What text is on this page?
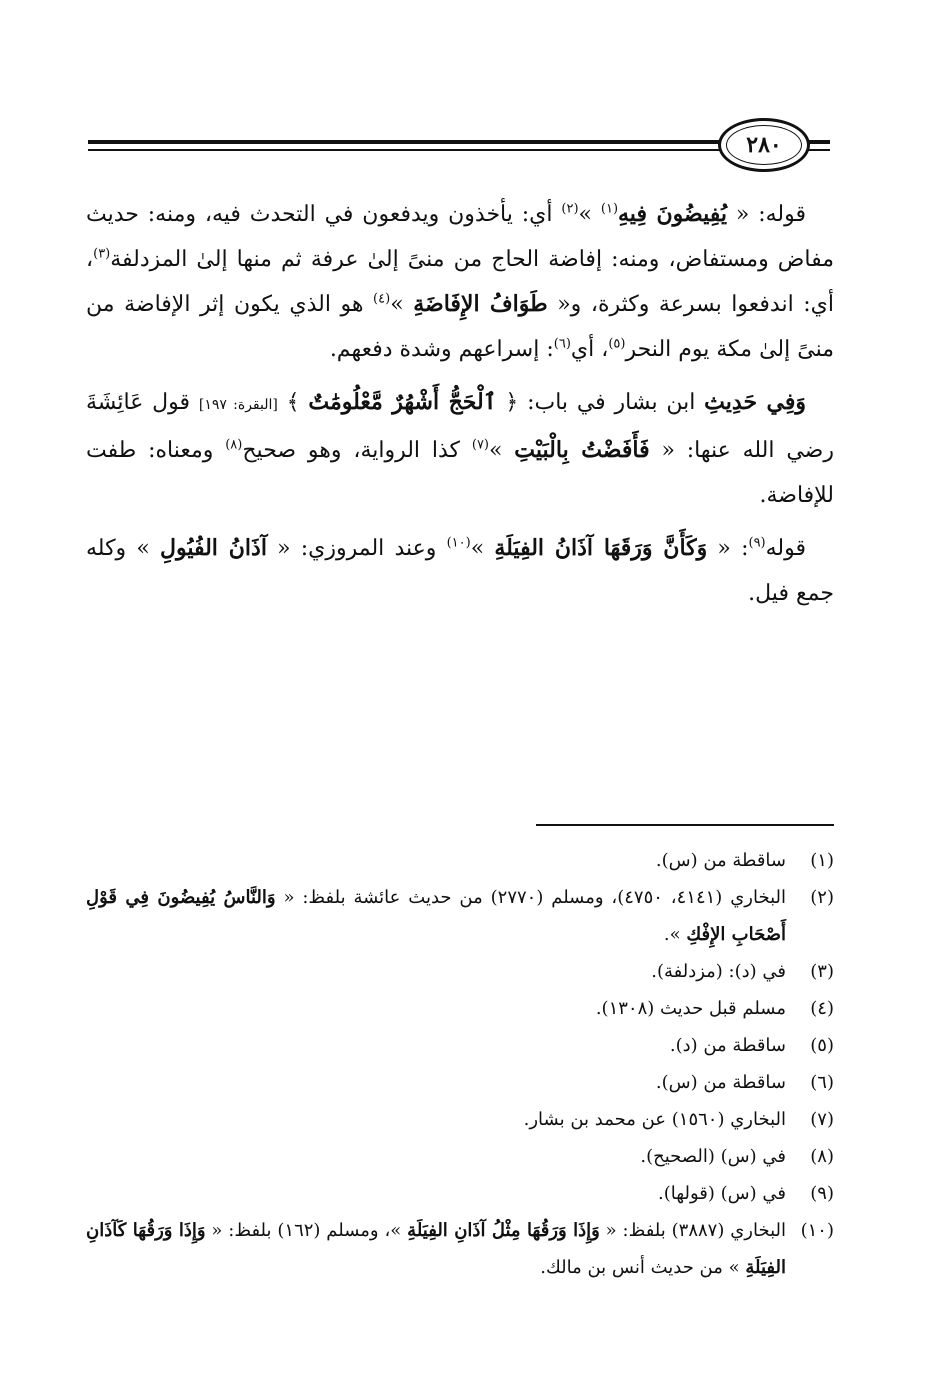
٢٨٠

قوله: « يُفِيضُونَ فِيهِ$^{(١)}$ »$^{(٢)}$ أي: يأخذون ويدفعون في التحدث فيه، ومنه: حديث مفاض ومستفاض، ومنه: إفاضة الحاج من منىً إلىٰ عرفة ثم منها إلىٰ المزدلفة$^{(٣)}$، أي: اندفعوا بسرعة وكثرة، و« طَوَافُ الإِفَاضَةِ »$^{(٤)}$ هو الذي يكون إثر الإفاضة من منىً إلىٰ مكة يوم النحر$^{(٥)}$، أي$^{(٦)}$: إسراعهم وشدة دفعهم.

وَفِي حَدِيثِ ابن بشار في باب: ﴿ ٱلْحَجُّ أَشْهُرٌ مَّعْلُومَٰتٌ ﴾ [البقرة: ١٩٧] قول عَائِشَةَ رضي الله عنها: « فَأَفَضْتُ بِالْبَيْتِ »$^{(٧)}$ كذا الرواية، وهو صحيح$^{(٨)}$ ومعناه: طفت للإفاضة.

قوله$^{(٩)}$: « وَكَأَنَّ وَرَقَهَا آذَانُ الفِيَلَةِ »$^{(١٠)}$ وعند المروزي: « آذَانُ الفُيُولِ » وكله جمع فيل.

(١)
ساقطة من (س).
(٢)
البخاري (٤١٤١، ٤٧٥٠)، ومسلم (٢٧٧٠) من حديث عائشة بلفظ: « وَالنَّاسُ يُفِيضُونَ فِي قَوْلِ أَصْحَابِ الإِفْكِ ».
(٣)
في (د): (مزدلفة).
(٤)
مسلم قبل حديث (١٣٠٨).
(٥)
ساقطة من (د).
(٦)
ساقطة من (س).
(٧)
البخاري (١٥٦٠) عن محمد بن بشار.
(٨)
في (س) (الصحيح).
(٩)
في (س) (قولها).
(١٠)
البخاري (٣٨٨٧) بلفظ: « وَإِذَا وَرَقُهَا مِثْلُ آذَانِ الفِيَلَةِ »، ومسلم (١٦٢) بلفظ: « وَإِذَا وَرَقُهَا كَآذَانِ الفِيَلَةِ » من حديث أنس بن مالك.
